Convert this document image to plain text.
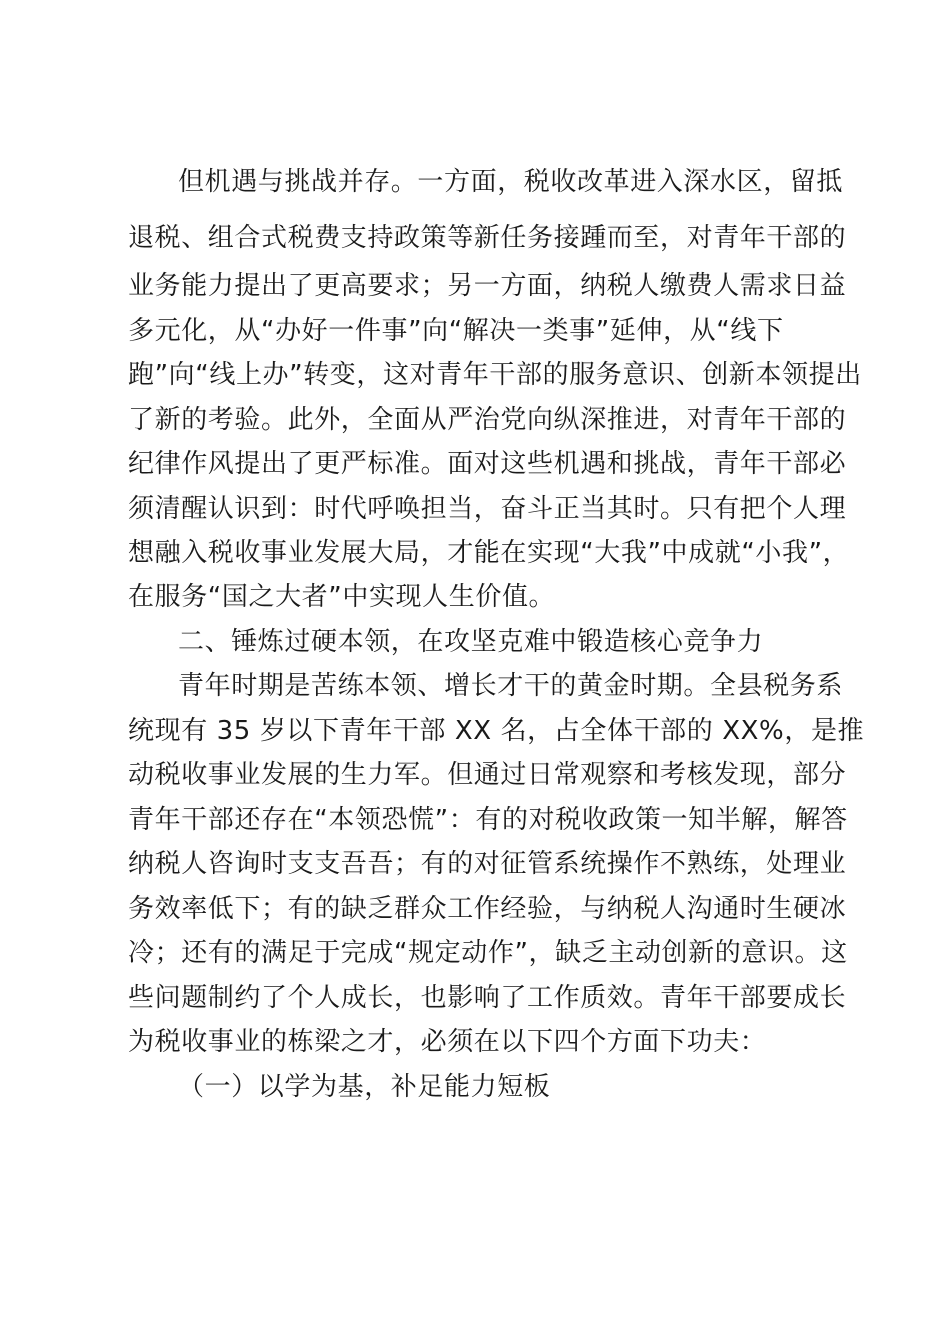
但机遇与挑战并存。一方面，税收改革进入深水区，留抵
退税、组合式税费支持政策等新任务接踵而至，对青年干部的
业务能力提出了更高要求；另一方面，纳税人缴费人需求日益
多元化，从“办好一件事”向“解决一类事”延伸，从“线下
跑”向“线上办”转变，这对青年干部的服务意识、创新本领提出
了新的考验。此外，全面从严治党向纵深推进，对青年干部的
纪律作风提出了更严标准。面对这些机遇和挑战，青年干部必
须清醒认识到：时代呼唤担当，奋斗正当其时。只有把个人理
想融入税收事业发展大局，才能在实现“大我”中成就“小我”，
在服务“国之大者”中实现人生价值。
二、锤炼过硬本领，在攻坚克难中锻造核心竞争力
青年时期是苦练本领、增长才干的黄金时期。全县税务系
统现有 35 岁以下青年干部 XX 名，占全体干部的 XX%，是推
动税收事业发展的生力军。但通过日常观察和考核发现，部分
青年干部还存在“本领恐慌”：有的对税收政策一知半解，解答
纳税人咨询时支支吾吾；有的对征管系统操作不熟练，处理业
务效率低下；有的缺乏群众工作经验，与纳税人沟通时生硬冰
冷；还有的满足于完成“规定动作”，缺乏主动创新的意识。这
些问题制约了个人成长，也影响了工作质效。青年干部要成长
为税收事业的栋梁之才，必须在以下四个方面下功夫：
（一）以学为基，补足能力短板
